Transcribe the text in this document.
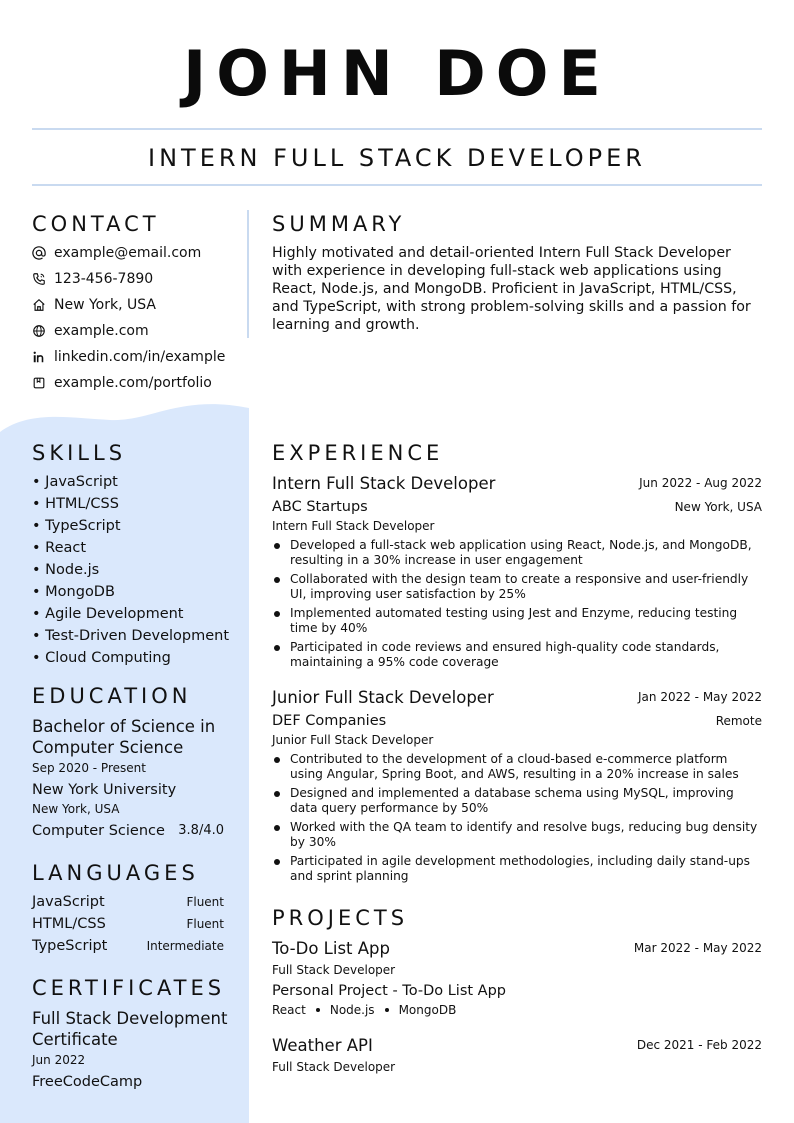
JOHN DOE
INTERN FULL STACK DEVELOPER
CONTACT
example@email.com
123-456-7890
New York, USA
example.com
linkedin.com/in/example
example.com/portfolio
SUMMARY
Highly motivated and detail-oriented Intern Full Stack Developer with experience in developing full-stack web applications using React, Node.js, and MongoDB. Proficient in JavaScript, HTML/CSS, and TypeScript, with strong problem-solving skills and a passion for learning and growth.
SKILLS
• JavaScript
• HTML/CSS
• TypeScript
• React
• Node.js
• MongoDB
• Agile Development
• Test-Driven Development
• Cloud Computing
EDUCATION
Bachelor of Science in
Computer Science
Sep 2020 - Present
New York University
New York, USA
Computer Science	3.8/4.0
LANGUAGES
JavaScript	Fluent
HTML/CSS	Fluent
TypeScript	Intermediate
CERTIFICATES
Full Stack Development
Certificate
Jun 2022
FreeCodeCamp
EXPERIENCE
Intern Full Stack Developer	Jun 2022 - Aug 2022
ABC Startups	New York, USA
Intern Full Stack Developer
Developed a full-stack web application using React, Node.js, and MongoDB, resulting in a 30% increase in user engagement
Collaborated with the design team to create a responsive and user-friendly UI, improving user satisfaction by 25%
Implemented automated testing using Jest and Enzyme, reducing testing time by 40%
Participated in code reviews and ensured high-quality code standards, maintaining a 95% code coverage
Junior Full Stack Developer	Jan 2022 - May 2022
DEF Companies	Remote
Junior Full Stack Developer
Contributed to the development of a cloud-based e-commerce platform using Angular, Spring Boot, and AWS, resulting in a 20% increase in sales
Designed and implemented a database schema using MySQL, improving data query performance by 50%
Worked with the QA team to identify and resolve bugs, reducing bug density by 30%
Participated in agile development methodologies, including daily stand-ups and sprint planning
PROJECTS
To-Do List App	Mar 2022 - May 2022
Full Stack Developer
Personal Project - To-Do List App
React Node.js MongoDB
Weather API	Dec 2021 - Feb 2022
Full Stack Developer
